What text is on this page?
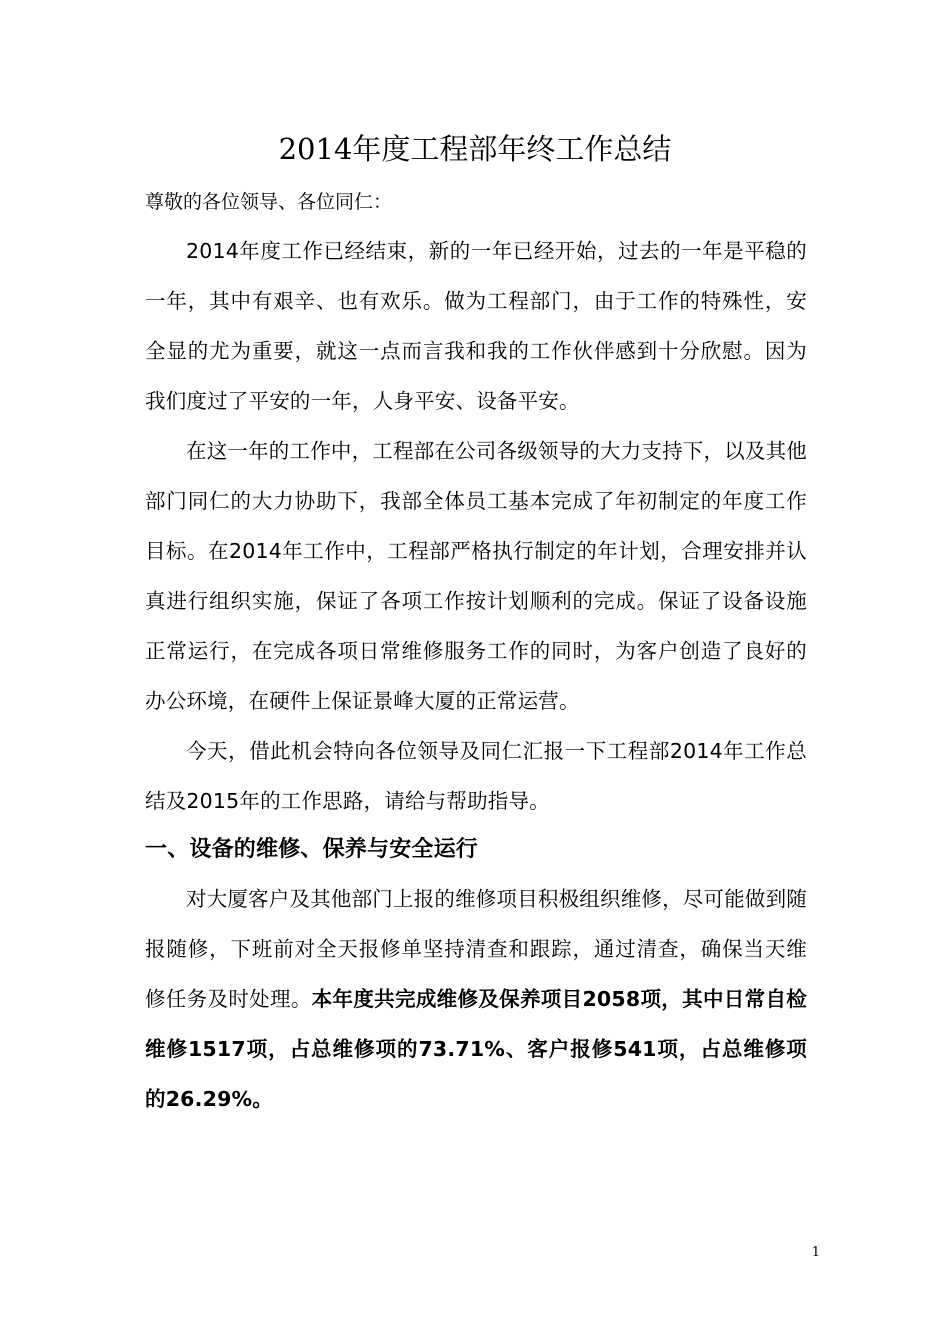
2014年度工程部年终工作总结
尊敬的各位领导、各位同仁：

2014年度工作已经结束，新的一年已经开始，过去的一年是平稳的一年，其中有艰辛、也有欢乐。做为工程部门，由于工作的特殊性，安全显的尤为重要，就这一点而言我和我的工作伙伴感到十分欣慰。因为我们度过了平安的一年，人身平安、设备平安。

在这一年的工作中，工程部在公司各级领导的大力支持下，以及其他部门同仁的大力协助下，我部全体员工基本完成了年初制定的年度工作目标。在2014年工作中，工程部严格执行制定的年计划，合理安排并认真进行组织实施，保证了各项工作按计划顺利的完成。保证了设备设施正常运行，在完成各项日常维修服务工作的同时，为客户创造了良好的办公环境，在硬件上保证景峰大厦的正常运营。

今天，借此机会特向各位领导及同仁汇报一下工程部2014年工作总结及2015年的工作思路，请给与帮助指导。

一、设备的维修、保养与安全运行

对大厦客户及其他部门上报的维修项目积极组织维修，尽可能做到随报随修，下班前对全天报修单坚持清查和跟踪，通过清查，确保当天维修任务及时处理。本年度共完成维修及保养项目2058项，其中日常自检维修1517项，占总维修项的73.71%、客户报修541项，占总维修项的26.29%。

1
